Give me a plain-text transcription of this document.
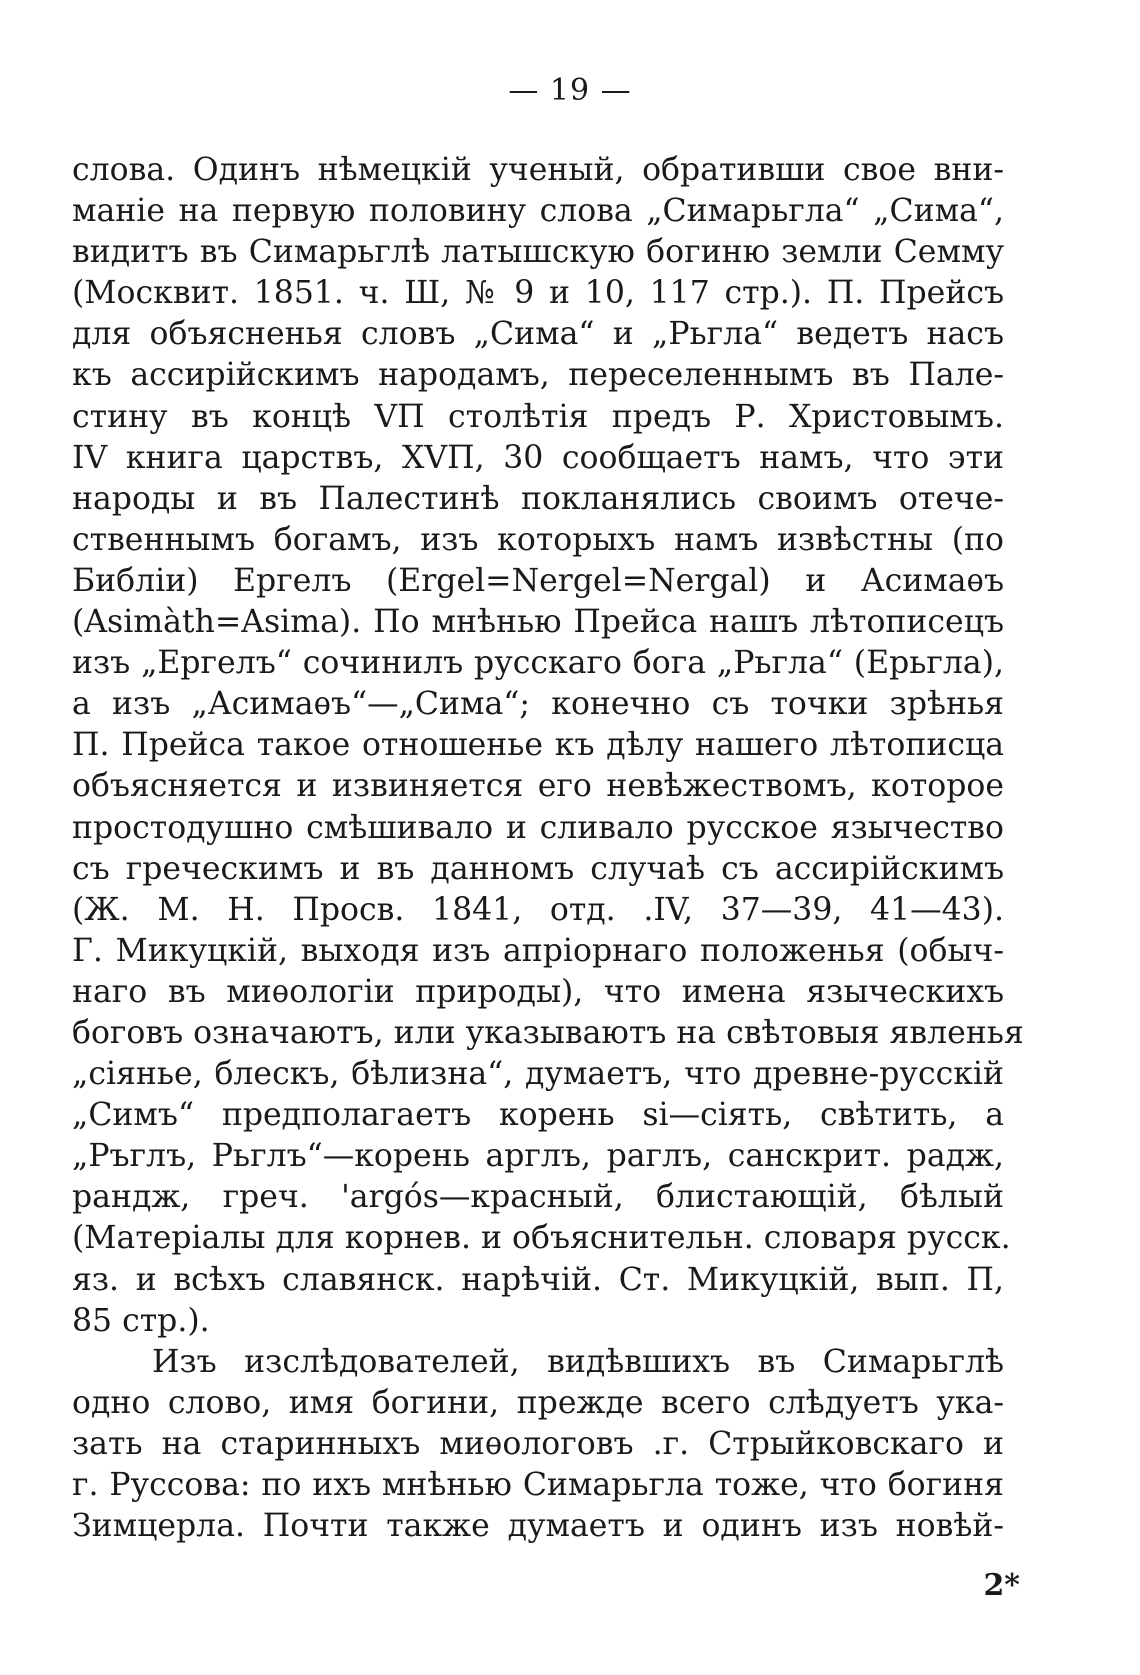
— 19 —
слова. Одинъ нѣмецкій ученый, обративши свое вни-
маніе на первую половину слова „Симарьгла“ „Сима“,
видитъ въ Симарьглѣ латышскую богиню земли Семму
(Москвит. 1851. ч. Ш, № 9 и 10, 117 стр.). П. Прейсъ
для объясненья словъ „Сима“ и „Рьгла“ ведетъ насъ
къ ассирійскимъ народамъ, переселеннымъ въ Пале-
стину въ концѣ VП столѣтія предъ Р. Христовымъ.
IV книга царствъ, XVП, 30 сообщаетъ намъ, что эти
народы и въ Палестинѣ покланялись своимъ отече-
ственнымъ богамъ, изъ которыхъ намъ извѣстны (по
Библіи) Ергелъ (Ergel=Nergel=Nergal) и Асимаѳъ
(Asimàth=Asima). По мнѣнью Прейса нашъ лѣтописецъ
изъ „Ергелъ“ сочинилъ русскаго бога „Рьгла“ (Ерьгла),
а изъ „Асимаѳъ“—„Сима“; конечно съ точки зрѣнья
П. Прейса такое отношенье къ дѣлу нашего лѣтописца
объясняется и извиняется его невѣжествомъ, которое
простодушно смѣшивало и сливало русское язычество
съ греческимъ и въ данномъ случаѣ съ ассирійскимъ
(Ж. М. Н. Просв. 1841, отд. .IV, 37—39, 41—43).
Г. Микуцкій, выходя изъ апріорнаго положенья (обыч-
наго въ миѳологіи природы), что имена языческихъ
боговъ означаютъ, или указываютъ на свѣтовыя явленья
„сіянье, блескъ, бѣлизна“, думаетъ, что древне-русскій
„Симъ“ предполагаетъ корень si—сіять, свѣтить, а
„Ръглъ, Рьглъ“—корень арглъ, раглъ, санскрит. радж,
рандж, греч. 'argós—красный, блистающій, бѣлый
(Матеріалы для корнев. и объяснительн. словаря русск.
яз. и всѣхъ славянск. нарѣчій. Ст. Микуцкій, вып. П,
85 стр.).
Изъ изслѣдователей, видѣвшихъ въ Симарьглѣ
одно слово, имя богини, прежде всего слѣдуетъ ука-
зать на старинныхъ миѳологовъ .г. Стрыйковскаго и
г. Руссова: по ихъ мнѣнью Симарьгла тоже, что богиня
Зимцерла. Почти также думаетъ и одинъ изъ новѣй-
2*
